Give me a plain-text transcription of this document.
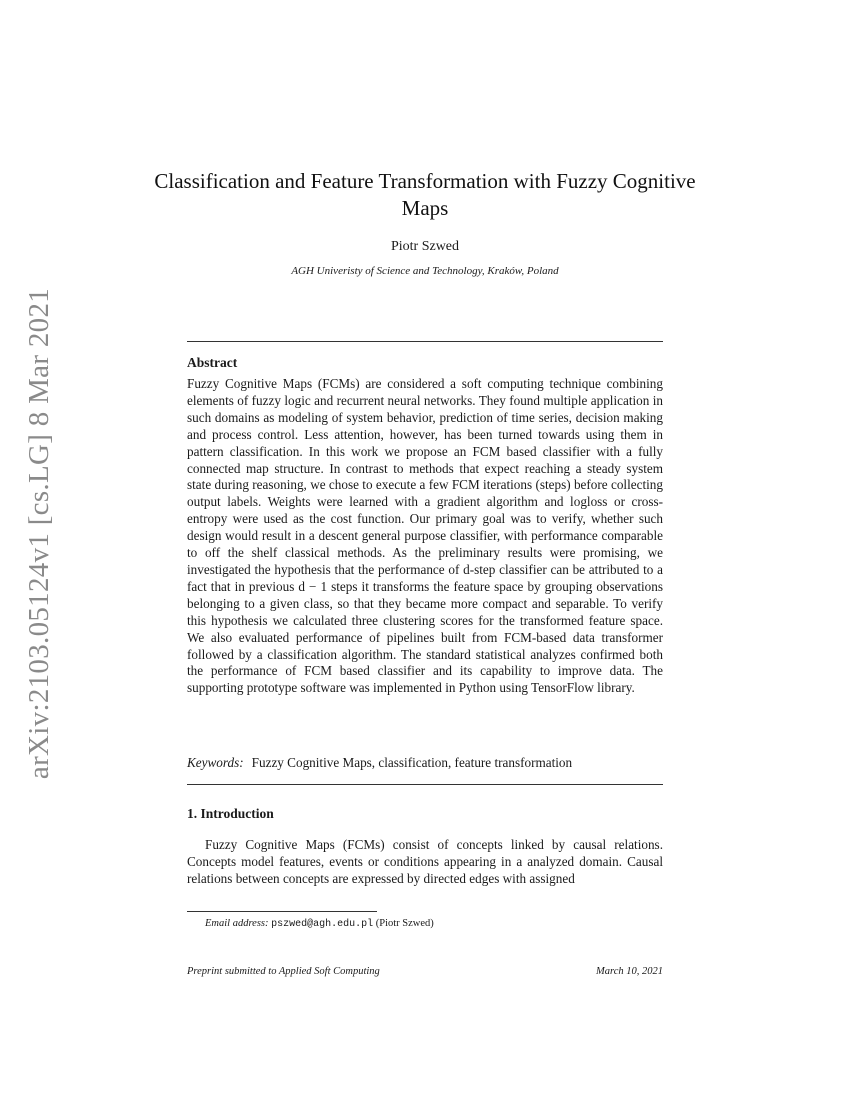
arXiv:2103.05124v1 [cs.LG] 8 Mar 2021
Classification and Feature Transformation with Fuzzy Cognitive Maps
Piotr Szwed
AGH Univeristy of Science and Technology, Kraków, Poland
Abstract
Fuzzy Cognitive Maps (FCMs) are considered a soft computing technique combining elements of fuzzy logic and recurrent neural networks. They found multiple application in such domains as modeling of system behavior, prediction of time series, decision making and process control. Less attention, however, has been turned towards using them in pattern classification. In this work we propose an FCM based classifier with a fully connected map structure. In contrast to methods that expect reaching a steady system state during reasoning, we chose to execute a few FCM iterations (steps) before collecting output labels. Weights were learned with a gradient algorithm and logloss or cross-entropy were used as the cost function. Our primary goal was to verify, whether such design would result in a descent general purpose classifier, with performance comparable to off the shelf classical methods. As the preliminary results were promising, we investigated the hypothesis that the performance of d-step classifier can be attributed to a fact that in previous d − 1 steps it transforms the feature space by grouping observations belonging to a given class, so that they became more compact and separable. To verify this hypothesis we calculated three clustering scores for the transformed feature space. We also evaluated performance of pipelines built from FCM-based data transformer followed by a classification algorithm. The standard statistical analyzes confirmed both the performance of FCM based classifier and its capability to improve data. The supporting prototype software was implemented in Python using TensorFlow library.
Keywords: Fuzzy Cognitive Maps, classification, feature transformation
1. Introduction
Fuzzy Cognitive Maps (FCMs) consist of concepts linked by causal relations. Concepts model features, events or conditions appearing in a analyzed domain. Causal relations between concepts are expressed by directed edges with assigned
Email address: pszwed@agh.edu.pl (Piotr Szwed)
Preprint submitted to Applied Soft Computing	March 10, 2021
